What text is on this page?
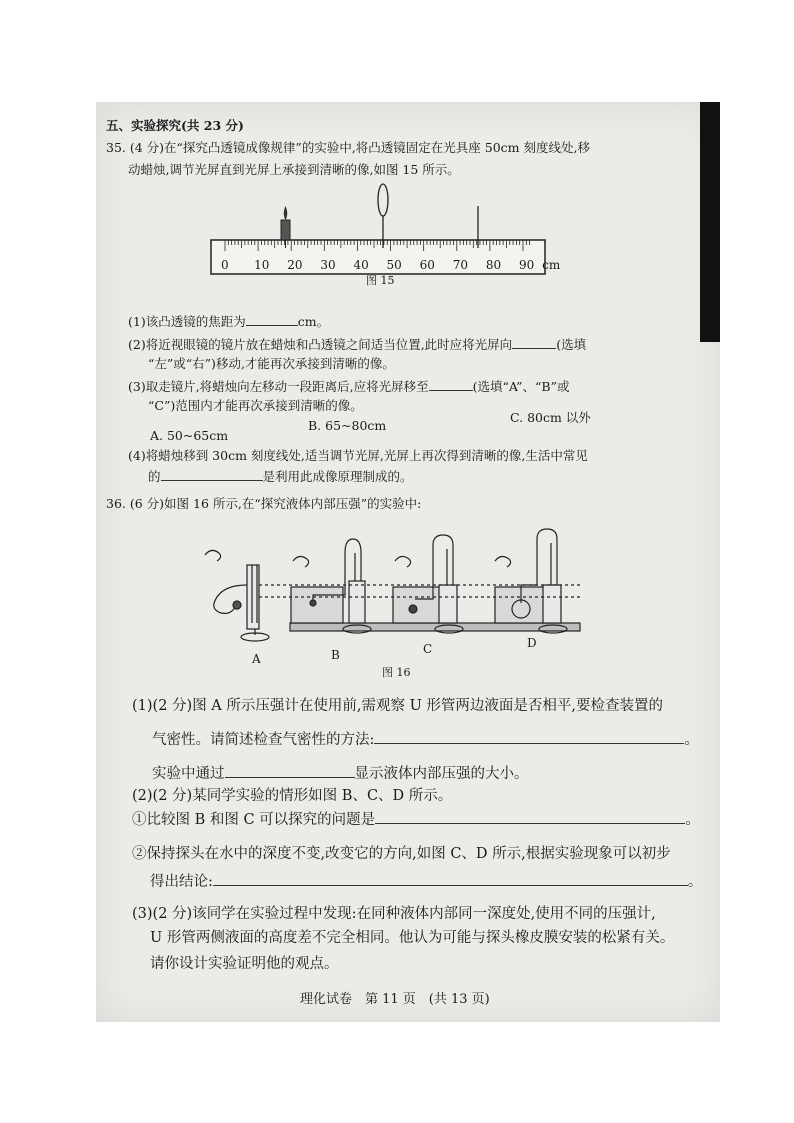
五、实验探究(共 23 分)
35. (4 分)在“探究凸透镜成像规律”的实验中,将凸透镜固定在光具座 50cm 刻度线处,移
动蜡烛,调节光屏直到光屏上承接到清晰的像,如图 15 所示。
0 10 20 30 40 50 60 70 80 90 cm
图 15
(1)该凸透镜的焦距为	cm。
(2)将近视眼镜的镜片放在蜡烛和凸透镜之间适当位置,此时应将光屏向	(选填
“左”或“右”)移动,才能再次承接到清晰的像。
(3)取走镜片,将蜡烛向左移动一段距离后,应将光屏移至	(选填“A”、“B”或
“C”)范围内才能再次承接到清晰的像。
A. 50~65cm
B. 65~80cm
C. 80cm 以外
(4)将蜡烛移到 30cm 刻度线处,适当调节光屏,光屏上再次得到清晰的像,生活中常见
的	是利用此成像原理制成的。
36. (6 分)如图 16 所示,在“探究液体内部压强”的实验中:
A	B	C	D
图 16
(1)(2 分)图 A 所示压强计在使用前,需观察 U 形管两边液面是否相平,要检查装置的
气密性。请简述检查气密性的方法:	。
实验中通过	显示液体内部压强的大小。
(2)(2 分)某同学实验的情形如图 B、C、D 所示。
①比较图 B 和图 C 可以探究的问题是	。
②保持探头在水中的深度不变,改变它的方向,如图 C、D 所示,根据实验现象可以初步
得出结论:	。
(3)(2 分)该同学在实验过程中发现:在同种液体内部同一深度处,使用不同的压强计,
U 形管两侧液面的高度差不完全相同。他认为可能与探头橡皮膜安装的松紧有关。
请你设计实验证明他的观点。
理化试卷　第 11 页　(共 13 页)
